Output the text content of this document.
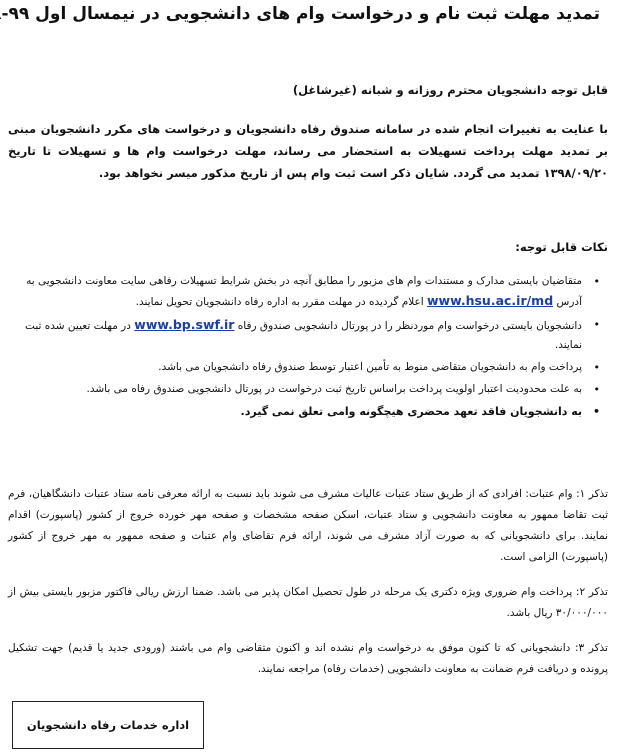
تمدید مهلت ثبت نام و درخواست وام های دانشجویی در نیمسال اول ۹۹-
قابل توجه دانشجویان محترم روزانه و شبانه (غیرشاغل)
با عنایت به تغییرات انجام شده در سامانه صندوق رفاه دانشجویان و درخواست های مکرر دانشجویان مبنی بر تمدید مهلت پرداخت تسهیلات به استحضار می رساند، مهلت درخواست وام ها و تسهیلات تا تاریخ ۱۳۹۸/۰۹/۲۰ تمدید می گردد. شایان ذکر است ثبت وام پس از تاریخ مذکور میسر نخواهد بود.
نکات قابل توجه:
•
متقاضیان بایستی مدارک و مستندات وام های مزبور را مطابق آنچه در بخش شرایط تسهیلات رفاهی سایت معاونت دانشجویی به آدرس www.hsu.ac.ir/md اعلام گردیده در مهلت مقرر به اداره رفاه دانشجویان تحویل نمایند.
•
دانشجویان بایستی درخواست وام موردنظر را در پورتال دانشجویی صندوق رفاه www.bp.swf.ir در مهلت تعیین شده ثبت نمایند.
•
پرداخت وام به دانشجویان متقاضی منوط به تأمین اعتبار توسط صندوق رفاه دانشجویان می باشد.
•
به علت محدودیت اعتبار اولویت پرداخت براساس تاریخ ثبت درخواست در پورتال دانشجویی صندوق رفاه می باشد.
•
به دانشجویان فاقد تعهد محضری هیچگونه وامی تعلق نمی گیرد.

تذکر ۱: وام عتبات: افرادی که از طریق ستاد عتبات عالیات مشرف می شوند باید نسبت به ارائه معرفی نامه ستاد عتبات دانشگاهیان، فرم ثبت تقاضا ممهور به معاونت دانشجویی و ستاد عتبات، اسکن صفحه مشخصات و صفحه مهر خورده خروج از کشور (پاسپورت) اقدام نمایند. برای دانشجویانی که به صورت آزاد مشرف می شوند، ارائه فرم تقاضای وام عتبات و صفحه ممهور به مهر خروج از کشور (پاسپورت) الزامی است.

تذکر ۲: پرداخت وام ضروری ویژه دکتری یک مرحله در طول تحصیل امکان پذیر می باشد. ضمنا ارزش ریالی فاکتور مزبور بایستی بیش از ۳۰/۰۰۰/۰۰۰ ریال باشد.

تذکر ۳: دانشجویانی که تا کنون موفق به درخواست وام نشده اند و اکنون متقاضی وام می باشند (ورودی جدید یا قدیم) جهت تشکیل پرونده و دریافت فرم ضمانت به معاونت دانشجویی (خدمات رفاه) مراجعه نمایند.

اداره خدمات رفاه دانشجویان
